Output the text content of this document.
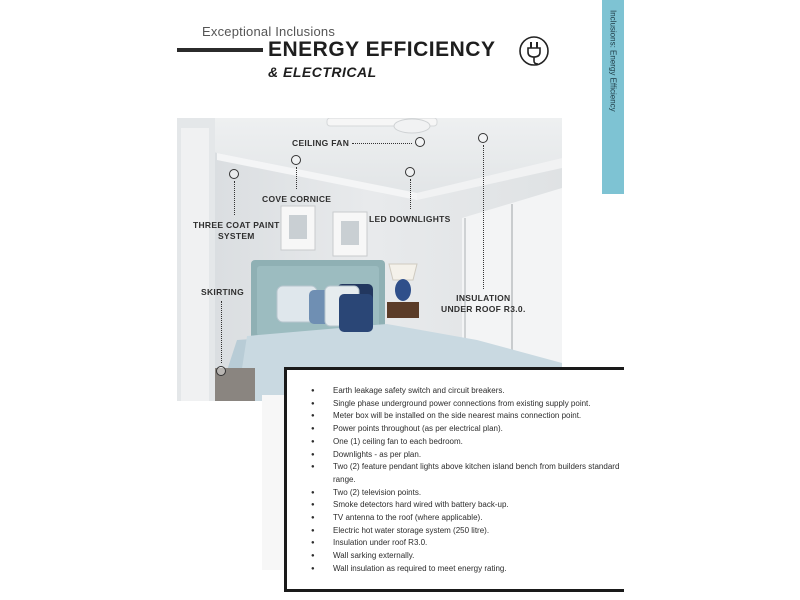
Exceptional Inclusions
ENERGY EFFICIENCY
& ELECTRICAL	Inclusions: Energy Efficiency
CEILING FAN
COVE CORNICE
THREE COAT PAINT
SYSTEM
LED DOWNLIGHTS
INSULATION
UNDER ROOF R3.0.
SKIRTING
● Earth leakage safety switch and circuit breakers.
● Single phase underground power connections from existing supply point.
● Meter box will be installed on the side nearest mains connection point.
● Power points throughout (as per electrical plan).
● One (1) ceiling fan to each bedroom.
● Downlights - as per plan.
● Two (2) feature pendant lights above kitchen island bench from builders standard range.
● Two (2) television points.
● Smoke detectors hard wired with battery back-up.
● TV antenna to the roof (where applicable).
● Electric hot water storage system (250 litre).
● Insulation under roof R3.0.
● Wall sarking externally.
● Wall insulation as required to meet energy rating.
